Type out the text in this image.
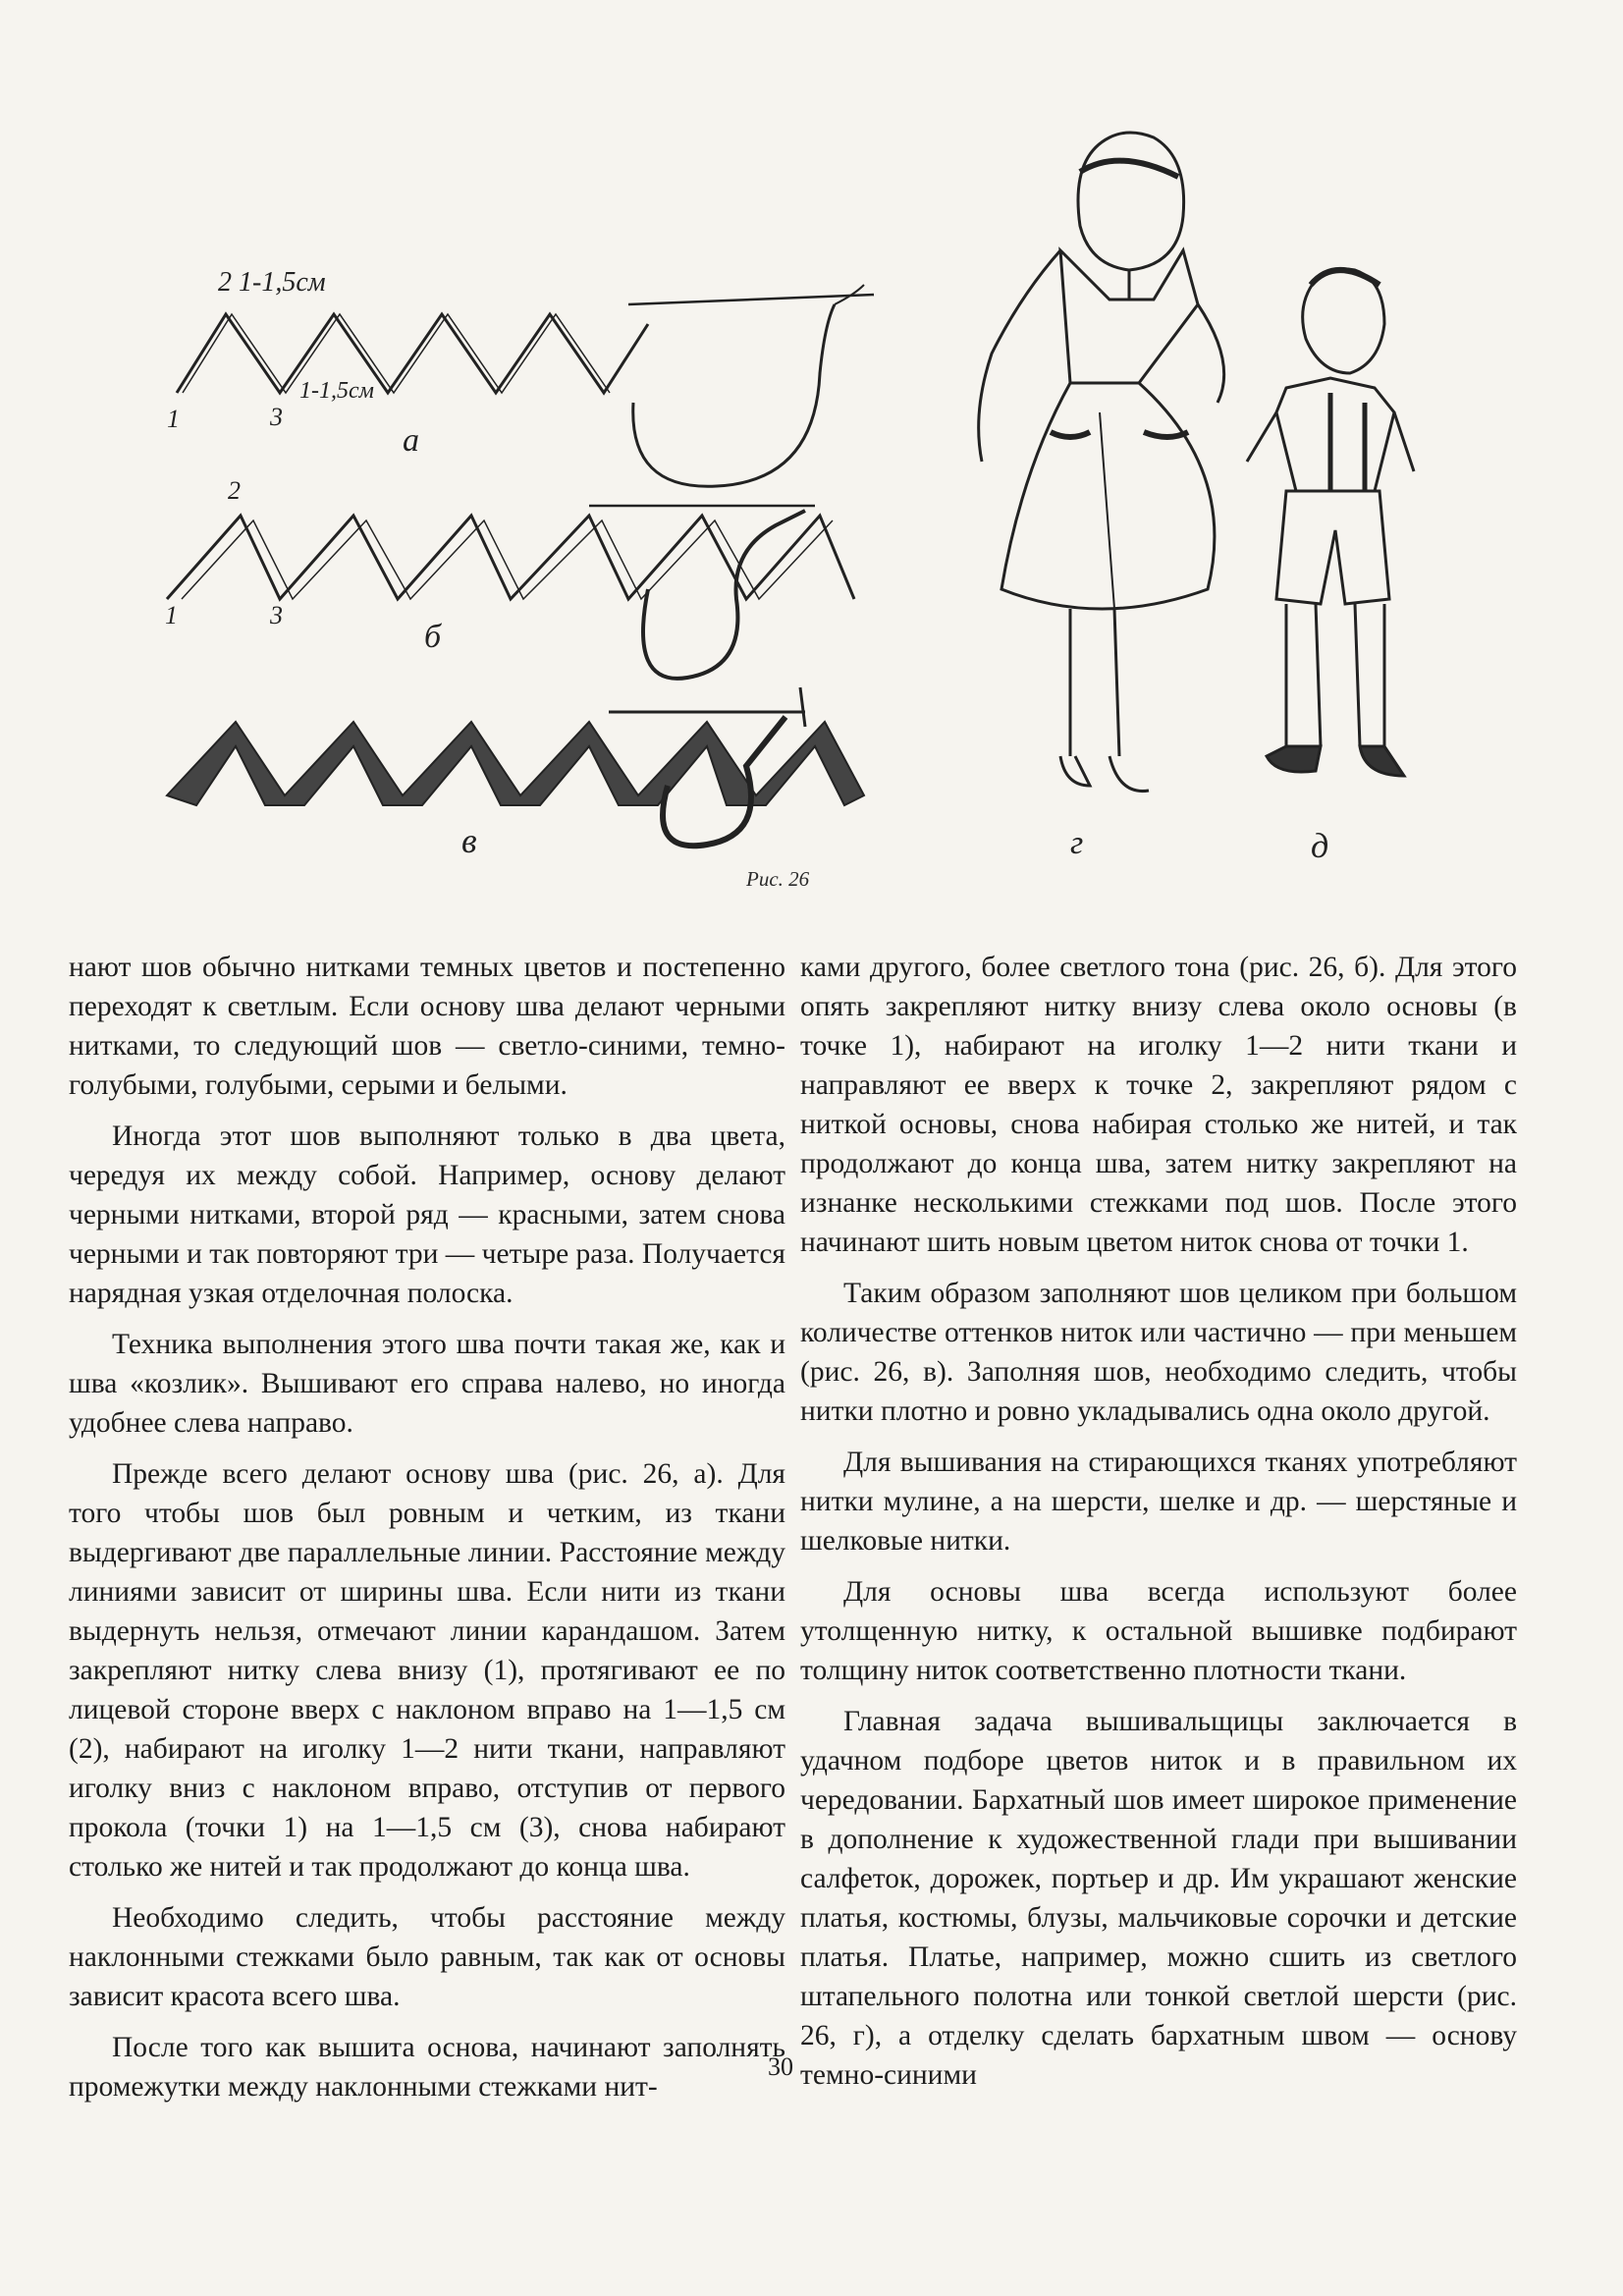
2 1-1,5см
1	3
1-1,5см
а
2
1	3
б
в	г	д
Рис. 26

нают шов обычно нитками темных цветов и постепенно переходят к светлым. Если основу шва делают черными нитками, то следующий шов — светло-синими, темно-голубыми, голубыми, серыми и белыми.

Иногда этот шов выполняют только в два цвета, чередуя их между собой. Например, основу делают черными нитками, второй ряд — красными, затем снова черными и так повторяют три — четыре раза. Получается нарядная узкая отделочная полоска.

Техника выполнения этого шва почти такая же, как и шва «козлик». Вышивают его справа налево, но иногда удобнее слева направо.

Прежде всего делают основу шва (рис. 26, а). Для того чтобы шов был ровным и четким, из ткани выдергивают две параллельные линии. Расстояние между линиями зависит от ширины шва. Если нити из ткани выдернуть нельзя, отмечают линии карандашом. Затем закрепляют нитку слева внизу (1), протягивают ее по лицевой стороне вверх с наклоном вправо на 1—1,5 см (2), набирают на иголку 1—2 нити ткани, направляют иголку вниз с наклоном вправо, отступив от первого прокола (точки 1) на 1—1,5 см (3), снова набирают столько же нитей и так продолжают до конца шва.

Необходимо следить, чтобы расстояние между наклонными стежками было равным, так как от основы зависит красота всего шва.

После того как вышита основа, начинают заполнять промежутки между наклонными стежками нит-

ками другого, более светлого тона (рис. 26, б). Для этого опять закрепляют нитку внизу слева около основы (в точке 1), набирают на иголку 1—2 нити ткани и направляют ее вверх к точке 2, закрепляют рядом с ниткой основы, снова набирая столько же нитей, и так продолжают до конца шва, затем нитку закрепляют на изнанке несколькими стежками под шов. После этого начинают шить новым цветом ниток снова от точки 1.

Таким образом заполняют шов целиком при большом количестве оттенков ниток или частично — при меньшем (рис. 26, в). Заполняя шов, необходимо следить, чтобы нитки плотно и ровно укладывались одна около другой.

Для вышивания на стирающихся тканях употребляют нитки мулине, а на шерсти, шелке и др. — шерстяные и шелковые нитки.

Для основы шва всегда используют более утолщенную нитку, к остальной вышивке подбирают толщину ниток соответственно плотности ткани.

Главная задача вышивальщицы заключается в удачном подборе цветов ниток и в правильном их чередовании. Бархатный шов имеет широкое применение в дополнение к художественной глади при вышивании салфеток, дорожек, портьер и др. Им украшают женские платья, костюмы, блузы, мальчиковые сорочки и детские платья. Платье, например, можно сшить из светлого штапельного полотна или тонкой светлой шерсти (рис. 26, г), а отделку сделать бархатным швом — основу темно-синими

30
